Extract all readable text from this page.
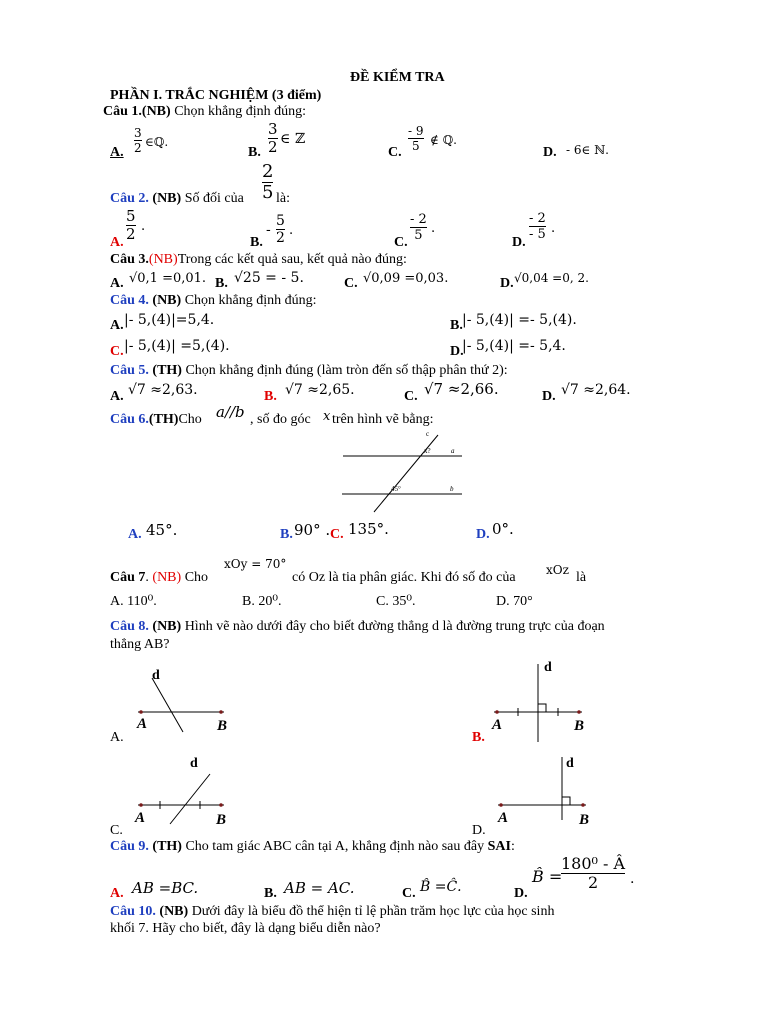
ĐỀ KIỂM TRA
PHẦN I. TRẮC NGHIỆM (3 điểm)
Câu 1.(NB) Chọn khẳng định đúng:
A.
3
2 ∈ℚ.
B.
3
2 ∈ ℤ
C.
- 9
5 ∉ ℚ.
D. - 6∈ ℕ.
Câu 2. (NB) Số đối của
2
5 là:
A.
5
2 .
B.
-
5
2 .
C.
- 2
5 .
D.
- 2
- 5 .
Câu 3.(NB)Trong các kết quả sau, kết quả nào đúng:
A. √0,1 =0,01. B. √25 = - 5.	C. √0,09 =0,03.	D. √0,04 =0, 2.
Câu 4. (NB) Chọn khẳng định đúng:
A. |- 5,(4)|=5,4.	B. |- 5,(4)| =- 5,(4).
C. |- 5,(4)| =5,(4).	D.
|- 5,(4)| =- 5,4.
Câu 5. (TH) Chọn khẳng định đúng (làm tròn đến số thập phân thứ 2):
A. √7 ≈2,63.	B. √7 ≈2,65.	C. √7 ≈2,66.	D. √7 ≈2,64.
Câu 6.(TH)Cho a//b , số đo góc x trên hình vẽ bằng:
c
x?	a
45°	b
A. 45°.	B. 90° . C. 135°.	D. 0°.
Câu 7. (NB) Cho
xOy = 70°
có Oz là tia phân giác. Khi đó số đo của	xOz là
A. 110⁰.	B. 20⁰.	C. 35⁰.	D. 70°
Câu 8. (NB) Hình vẽ nào dưới đây cho biết đường thẳng d là đường trung trực của đoạn
thẳng AB?
d
A	B
A.
d
A	B
B.
d
A	B
C.
d
A	B
D.
Câu 9. (TH) Cho tam giác ABC cân tại A, khẳng định nào sau đây SAI:
A. AB =BC.	B. AB = AC.	C. B̂ =Ĉ.	D.
B̂ =
180⁰ - Â
2 .
Câu 10. (NB) Dưới đây là biểu đồ thể hiện tỉ lệ phần trăm học lực của học sinh
khối 7. Hãy cho biết, đây là dạng biểu diễn nào?
